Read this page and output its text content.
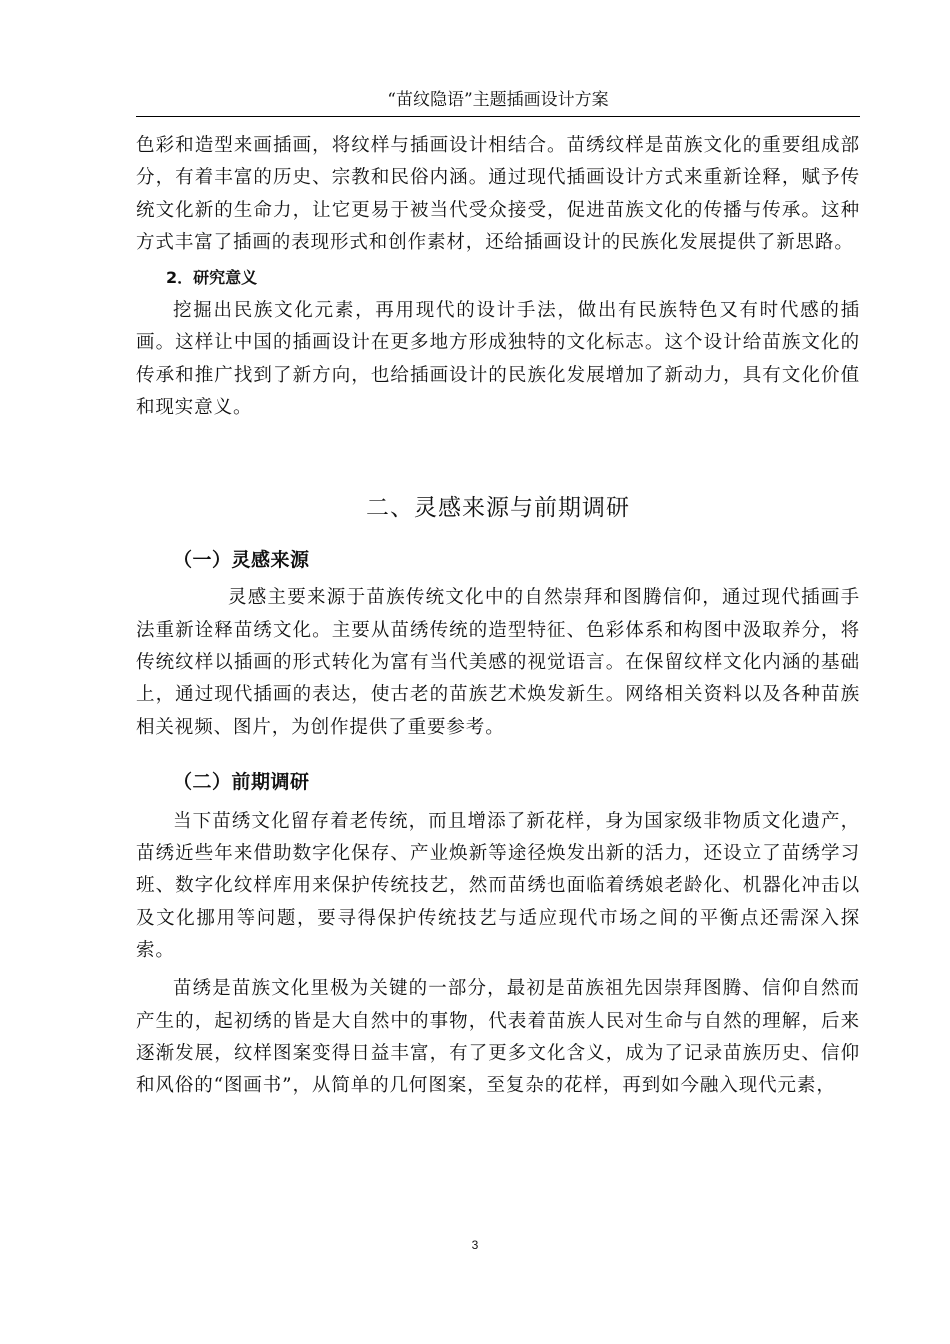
“苗纹隐语”主题插画设计方案

色彩和造型来画插画，将纹样与插画设计相结合。苗绣纹样是苗族文化的重要组成部分，有着丰富的历史、宗教和民俗内涵。通过现代插画设计方式来重新诠释，赋予传统文化新的生命力，让它更易于被当代受众接受，促进苗族文化的传播与传承。这种方式丰富了插画的表现形式和创作素材，还给插画设计的民族化发展提供了新思路。

2．研究意义

挖掘出民族文化元素，再用现代的设计手法，做出有民族特色又有时代感的插画。这样让中国的插画设计在更多地方形成独特的文化标志。这个设计给苗族文化的传承和推广找到了新方向，也给插画设计的民族化发展增加了新动力，具有文化价值和现实意义。

二、灵感来源与前期调研
（一）灵感来源

灵感主要来源于苗族传统文化中的自然崇拜和图腾信仰，通过现代插画手法重新诠释苗绣文化。主要从苗绣传统的造型特征、色彩体系和构图中汲取养分，将传统纹样以插画的形式转化为富有当代美感的视觉语言。在保留纹样文化内涵的基础上，通过现代插画的表达，使古老的苗族艺术焕发新生。网络相关资料以及各种苗族相关视频、图片，为创作提供了重要参考。

（二）前期调研

当下苗绣文化留存着老传统，而且增添了新花样，身为国家级非物质文化遗产，苗绣近些年来借助数字化保存、产业焕新等途径焕发出新的活力，还设立了苗绣学习班、数字化纹样库用来保护传统技艺，然而苗绣也面临着绣娘老龄化、机器化冲击以及文化挪用等问题，要寻得保护传统技艺与适应现代市场之间的平衡点还需深入探索。

苗绣是苗族文化里极为关键的一部分，最初是苗族祖先因崇拜图腾、信仰自然而产生的，起初绣的皆是大自然中的事物，代表着苗族人民对生命与自然的理解，后来逐渐发展，纹样图案变得日益丰富，有了更多文化含义，成为了记录苗族历史、信仰和风俗的“图画书”，从简单的几何图案，至复杂的花样，再到如今融入现代元素，

3
